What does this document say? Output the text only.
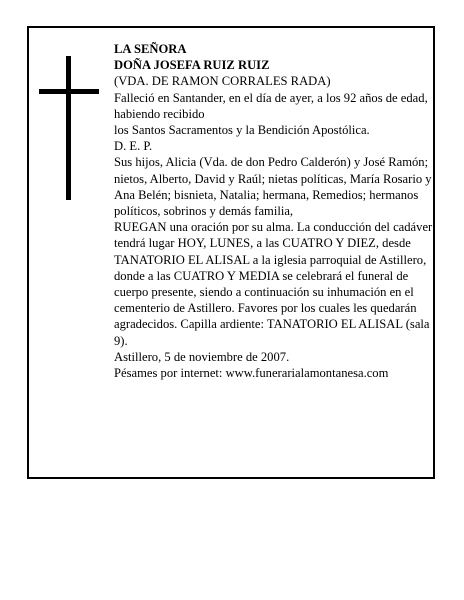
LA SEÑORA

DOÑA JOSEFA RUIZ RUIZ

(VDA. DE RAMON CORRALES RADA)

Falleció en Santander, en el día de ayer, a los 92 años de edad, habiendo recibido

los Santos Sacramentos y la Bendición Apostólica.

D. E. P.

Sus hijos, Alicia (Vda. de don Pedro Calderón) y José Ramón; nietos, Alberto, David y Raúl; nietas políticas, María Rosario y Ana Belén; bisnieta, Natalia; hermana, Remedios; hermanos políticos, sobrinos y demás familia,

RUEGAN una oración por su alma. La conducción del cadáver tendrá lugar HOY, LUNES, a las CUATRO Y DIEZ, desde TANATORIO EL ALISAL a la iglesia parroquial de Astillero, donde a las CUATRO Y MEDIA se celebrará el funeral de cuerpo presente, siendo a continuación su inhumación en el cementerio de Astillero. Favores por los cuales les quedarán agradecidos. Capilla ardiente: TANATORIO EL ALISAL (sala 9).

Astillero, 5 de noviembre de 2007.

Pésames por internet: www.funerarialamontanesa.com
